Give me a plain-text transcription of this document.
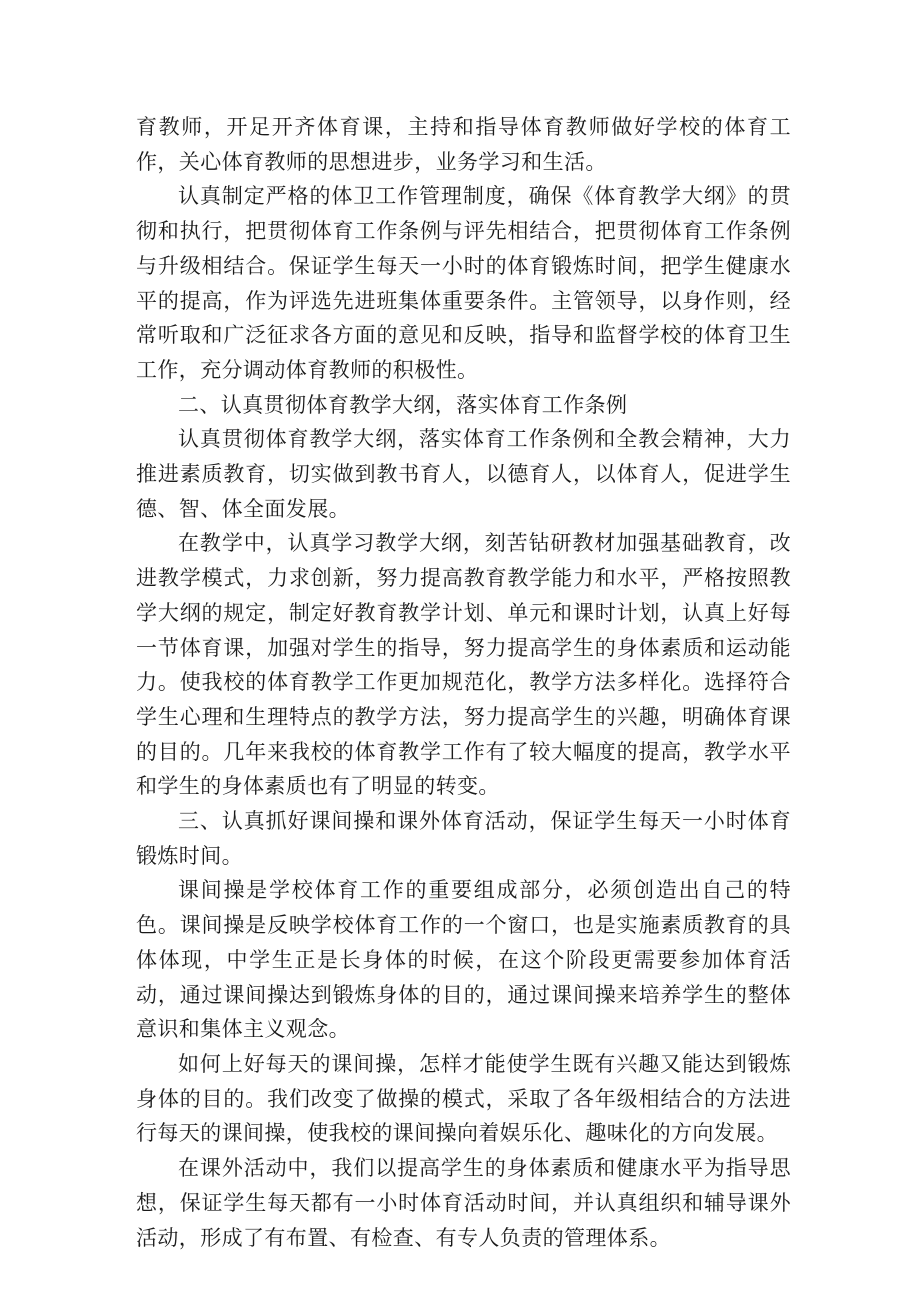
育教师，开足开齐体育课，主持和指导体育教师做好学校的体育工作，关心体育教师的思想进步，业务学习和生活。

认真制定严格的体卫工作管理制度，确保《体育教学大纲》的贯彻和执行，把贯彻体育工作条例与评先相结合，把贯彻体育工作条例与升级相结合。保证学生每天一小时的体育锻炼时间，把学生健康水平的提高，作为评选先进班集体重要条件。主管领导，以身作则，经常听取和广泛征求各方面的意见和反映，指导和监督学校的体育卫生工作，充分调动体育教师的积极性。

二、认真贯彻体育教学大纲，落实体育工作条例

认真贯彻体育教学大纲，落实体育工作条例和全教会精神，大力推进素质教育，切实做到教书育人，以德育人，以体育人，促进学生德、智、体全面发展。

在教学中，认真学习教学大纲，刻苦钻研教材加强基础教育，改进教学模式，力求创新，努力提高教育教学能力和水平，严格按照教学大纲的规定，制定好教育教学计划、单元和课时计划，认真上好每一节体育课，加强对学生的指导，努力提高学生的身体素质和运动能力。使我校的体育教学工作更加规范化，教学方法多样化。选择符合学生心理和生理特点的教学方法，努力提高学生的兴趣，明确体育课的目的。几年来我校的体育教学工作有了较大幅度的提高，教学水平和学生的身体素质也有了明显的转变。

三、认真抓好课间操和课外体育活动，保证学生每天一小时体育锻炼时间。

课间操是学校体育工作的重要组成部分，必须创造出自己的特色。课间操是反映学校体育工作的一个窗口，也是实施素质教育的具体体现，中学生正是长身体的时候，在这个阶段更需要参加体育活动，通过课间操达到锻炼身体的目的，通过课间操来培养学生的整体意识和集体主义观念。

如何上好每天的课间操，怎样才能使学生既有兴趣又能达到锻炼身体的目的。我们改变了做操的模式，采取了各年级相结合的方法进行每天的课间操，使我校的课间操向着娱乐化、趣味化的方向发展。

在课外活动中，我们以提高学生的身体素质和健康水平为指导思想，保证学生每天都有一小时体育活动时间，并认真组织和辅导课外活动，形成了有布置、有检查、有专人负责的管理体系。
